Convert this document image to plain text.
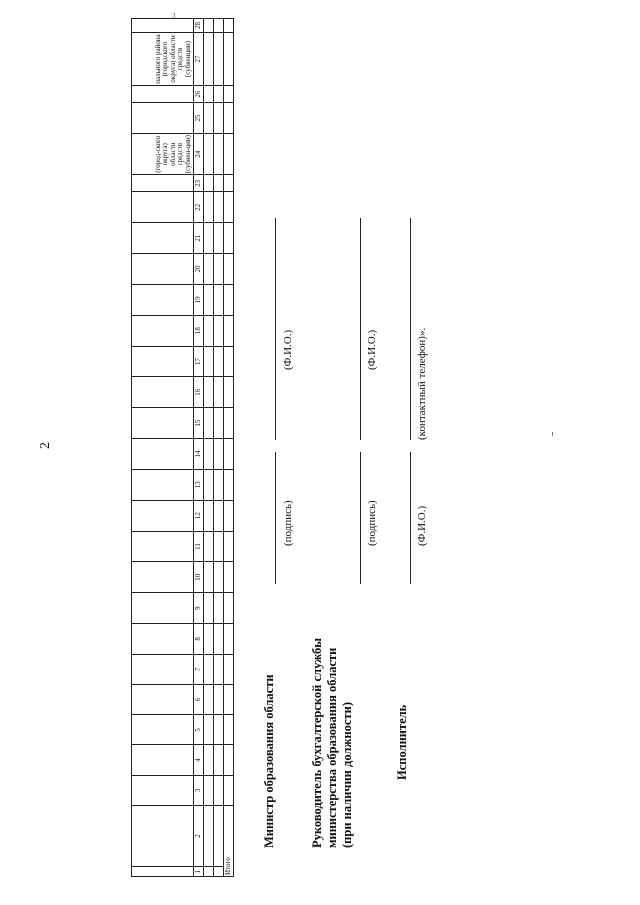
2
3

																							(город-ского округа) областн средств (субвен-ции)			пального района (городского округа) области средств (субвенции)	

1	2	3	4	5	6	7	8	9	10	11	12	13	14	15	16	17	18	19	20	21	22	23	24	25	26	27	28

Итого																											
Министр образования области
(подпись)
(Ф.И.О.)
Руководитель бухгалтерской службы министерства образования области (при наличии должности)
(подпись)
(Ф.И.О.)
Исполнитель
(Ф.И.О.)
(контактный телефон)».
